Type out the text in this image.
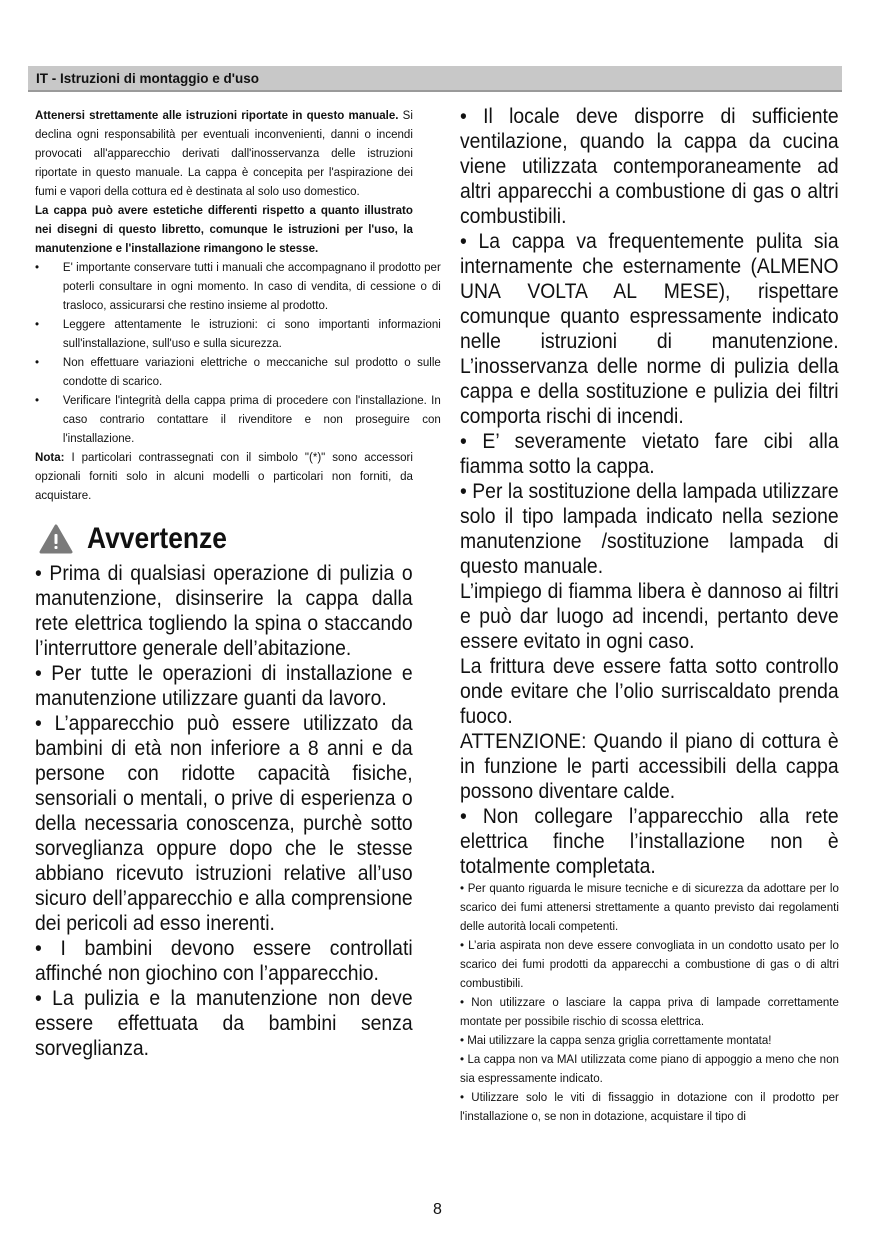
IT - Istruzioni di montaggio e d'uso

Attenersi strettamente alle istruzioni riportate in questo manuale. Si declina ogni responsabilità per eventuali inconvenienti, danni o incendi provocati all'apparecchio derivati dall'inosservanza delle istruzioni riportate in questo manuale. La cappa è concepita per l'aspirazione dei fumi e vapori della cottura ed è destinata al solo uso domestico.

La cappa può avere estetiche differenti rispetto a quanto illustrato nei disegni di questo libretto, comunque le istruzioni per l'uso, la manutenzione e l'installazione rimangono le stesse.

• E' importante conservare tutti i manuali che accompagnano il prodotto per poterli consultare in ogni momento. In caso di vendita, di cessione o di trasloco, assicurarsi che restino insieme al prodotto.
• Leggere attentamente le istruzioni: ci sono importanti informazioni sull'installazione, sull'uso e sulla sicurezza.
• Non effettuare variazioni elettriche o meccaniche sul prodotto o sulle condotte di scarico.
• Verificare l'integrità della cappa prima di procedere con l'installazione. In caso contrario contattare il rivenditore e non proseguire con l'installazione.

Nota: I particolari contrassegnati con il simbolo "(*)" sono accessori opzionali forniti solo in alcuni modelli o particolari non forniti, da acquistare.

Avvertenze

• Prima di qualsiasi operazione di pulizia o manutenzione, disinserire la cappa dalla rete elettrica togliendo la spina o staccando l’interruttore generale dell’abitazione.

• Per tutte le operazioni di installazione e manutenzione utilizzare guanti da lavoro.

• L’apparecchio può essere utilizzato da bambini di età non inferiore a 8 anni e da persone con ridotte capacità fisiche, sensoriali o mentali, o prive di esperienza o della necessaria conoscenza, purchè sotto sorveglianza oppure dopo che le stesse abbiano ricevuto istruzioni relative all’uso sicuro dell’apparecchio e alla comprensione dei pericoli ad esso inerenti.

• I bambini devono essere controllati affinché non giochino con l’apparecchio.

• La pulizia e la manutenzione non deve essere effettuata da bambini senza sorveglianza.

• Il locale deve disporre di sufficiente ventilazione, quando la cappa da cucina viene utilizzata contemporaneamente ad altri apparecchi a combustione di gas o altri combustibili.

• La cappa va frequentemente pulita sia internamente che esternamente (ALMENO UNA VOLTA AL MESE), rispettare comunque quanto espressamente indicato nelle istruzioni di manutenzione. L’inosservanza delle norme di pulizia della cappa e della sostituzione e pulizia dei filtri comporta rischi di incendi.

• E’ severamente vietato fare cibi alla fiamma sotto la cappa.

• Per la sostituzione della lampada utilizzare solo il tipo lampada indicato nella sezione manutenzione /sostituzione lampada di questo manuale.

L’impiego di fiamma libera è dannoso ai filtri e può dar luogo ad incendi, pertanto deve essere evitato in ogni caso.

La frittura deve essere fatta sotto controllo onde evitare che l’olio surriscaldato prenda fuoco.

ATTENZIONE: Quando il piano di cottura è in funzione le parti accessibili della cappa possono diventare calde.

• Non collegare l’apparecchio alla rete elettrica finche l’installazione non è totalmente completata.

• Per quanto riguarda le misure tecniche e di sicurezza da adottare per lo scarico dei fumi attenersi strettamente a quanto previsto dai regolamenti delle autorità locali competenti.

• L’aria aspirata non deve essere convogliata in un condotto usato per lo scarico dei fumi prodotti da apparecchi a combustione di gas o di altri combustibili.

• Non utilizzare o lasciare la cappa priva di lampade correttamente montate per possibile rischio di scossa elettrica.

• Mai utilizzare la cappa senza griglia correttamente montata!

• La cappa non va MAI utilizzata come piano di appoggio a meno che non sia espressamente indicato.

• Utilizzare solo le viti di fissaggio in dotazione con il prodotto per l'installazione o, se non in dotazione, acquistare il tipo di

8
